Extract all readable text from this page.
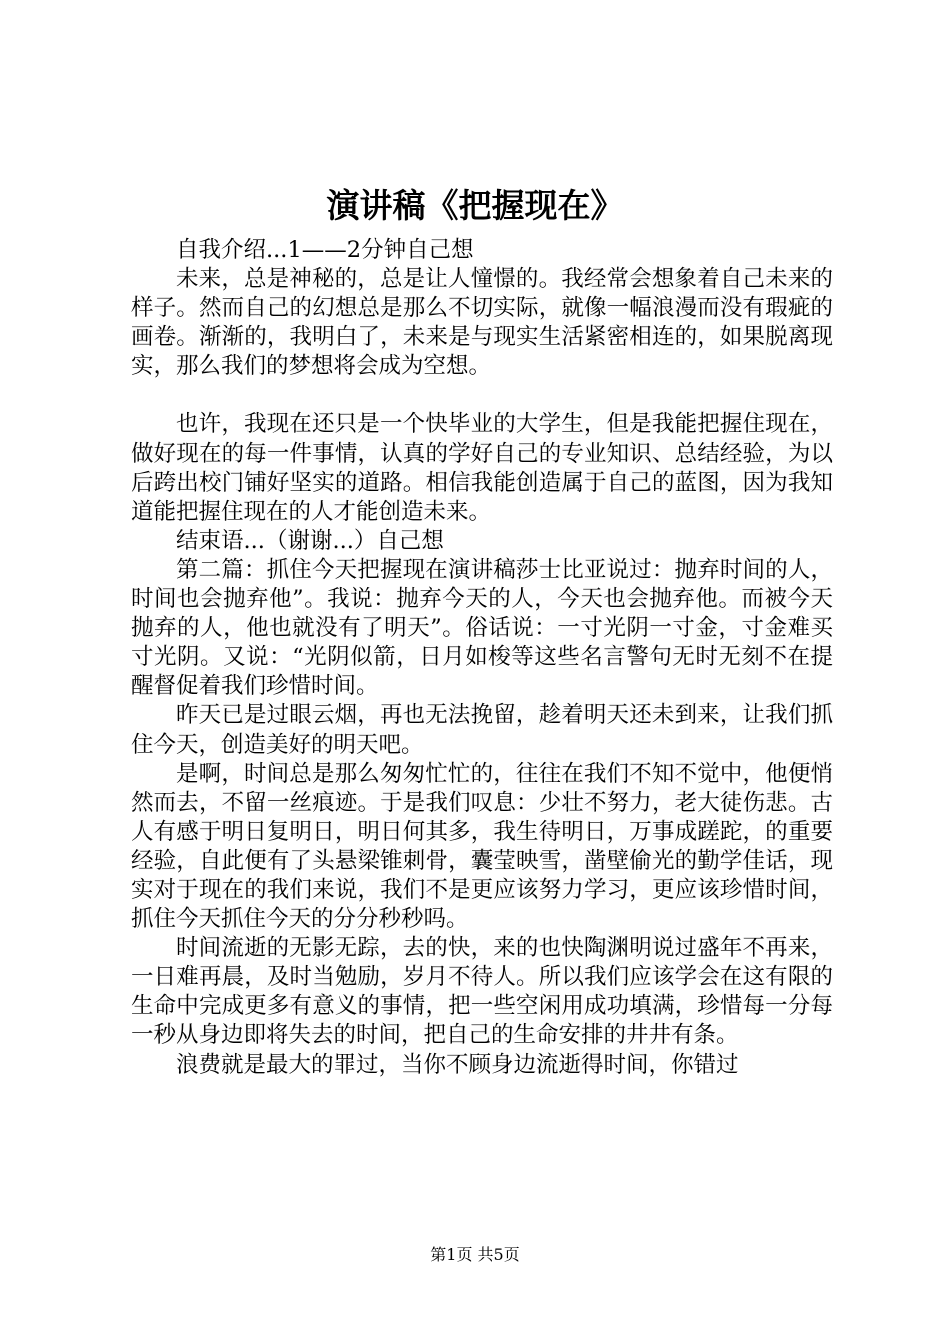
演讲稿《把握现在》

自我介绍...1——2分钟自己想

未来，总是神秘的，总是让人憧憬的。我经常会想象着自己未来的样子。然而自己的幻想总是那么不切实际，就像一幅浪漫而没有瑕疵的画卷。渐渐的，我明白了，未来是与现实生活紧密相连的，如果脱离现实，那么我们的梦想将会成为空想。

也许，我现在还只是一个快毕业的大学生，但是我能把握住现在，做好现在的每一件事情，认真的学好自己的专业知识、总结经验，为以后跨出校门铺好坚实的道路。相信我能创造属于自己的蓝图，因为我知道能把握住现在的人才能创造未来。

结束语...（谢谢...）自己想

第二篇：抓住今天把握现在演讲稿莎士比亚说过：抛弃时间的人，时间也会抛弃他”。我说：抛弃今天的人，今天也会抛弃他。而被今天抛弃的人，他也就没有了明天”。俗话说：一寸光阴一寸金，寸金难买寸光阴。又说：“光阴似箭，日月如梭等这些名言警句无时无刻不在提醒督促着我们珍惜时间。

昨天已是过眼云烟，再也无法挽留，趁着明天还未到来，让我们抓住今天，创造美好的明天吧。

是啊，时间总是那么匆匆忙忙的，往往在我们不知不觉中，他便悄然而去，不留一丝痕迹。于是我们叹息：少壮不努力，老大徒伤悲。古人有感于明日复明日，明日何其多，我生待明日，万事成蹉跎，的重要经验，自此便有了头悬梁锥刺骨，囊莹映雪，凿壁偷光的勤学佳话，现实对于现在的我们来说，我们不是更应该努力学习，更应该珍惜时间，抓住今天抓住今天的分分秒秒吗。

时间流逝的无影无踪，去的快，来的也快陶渊明说过盛年不再来，一日难再晨，及时当勉励，岁月不待人。所以我们应该学会在这有限的生命中完成更多有意义的事情，把一些空闲用成功填满，珍惜每一分每一秒从身边即将失去的时间，把自己的生命安排的井井有条。

浪费就是最大的罪过，当你不顾身边流逝得时间，你错过

第1页 共5页
